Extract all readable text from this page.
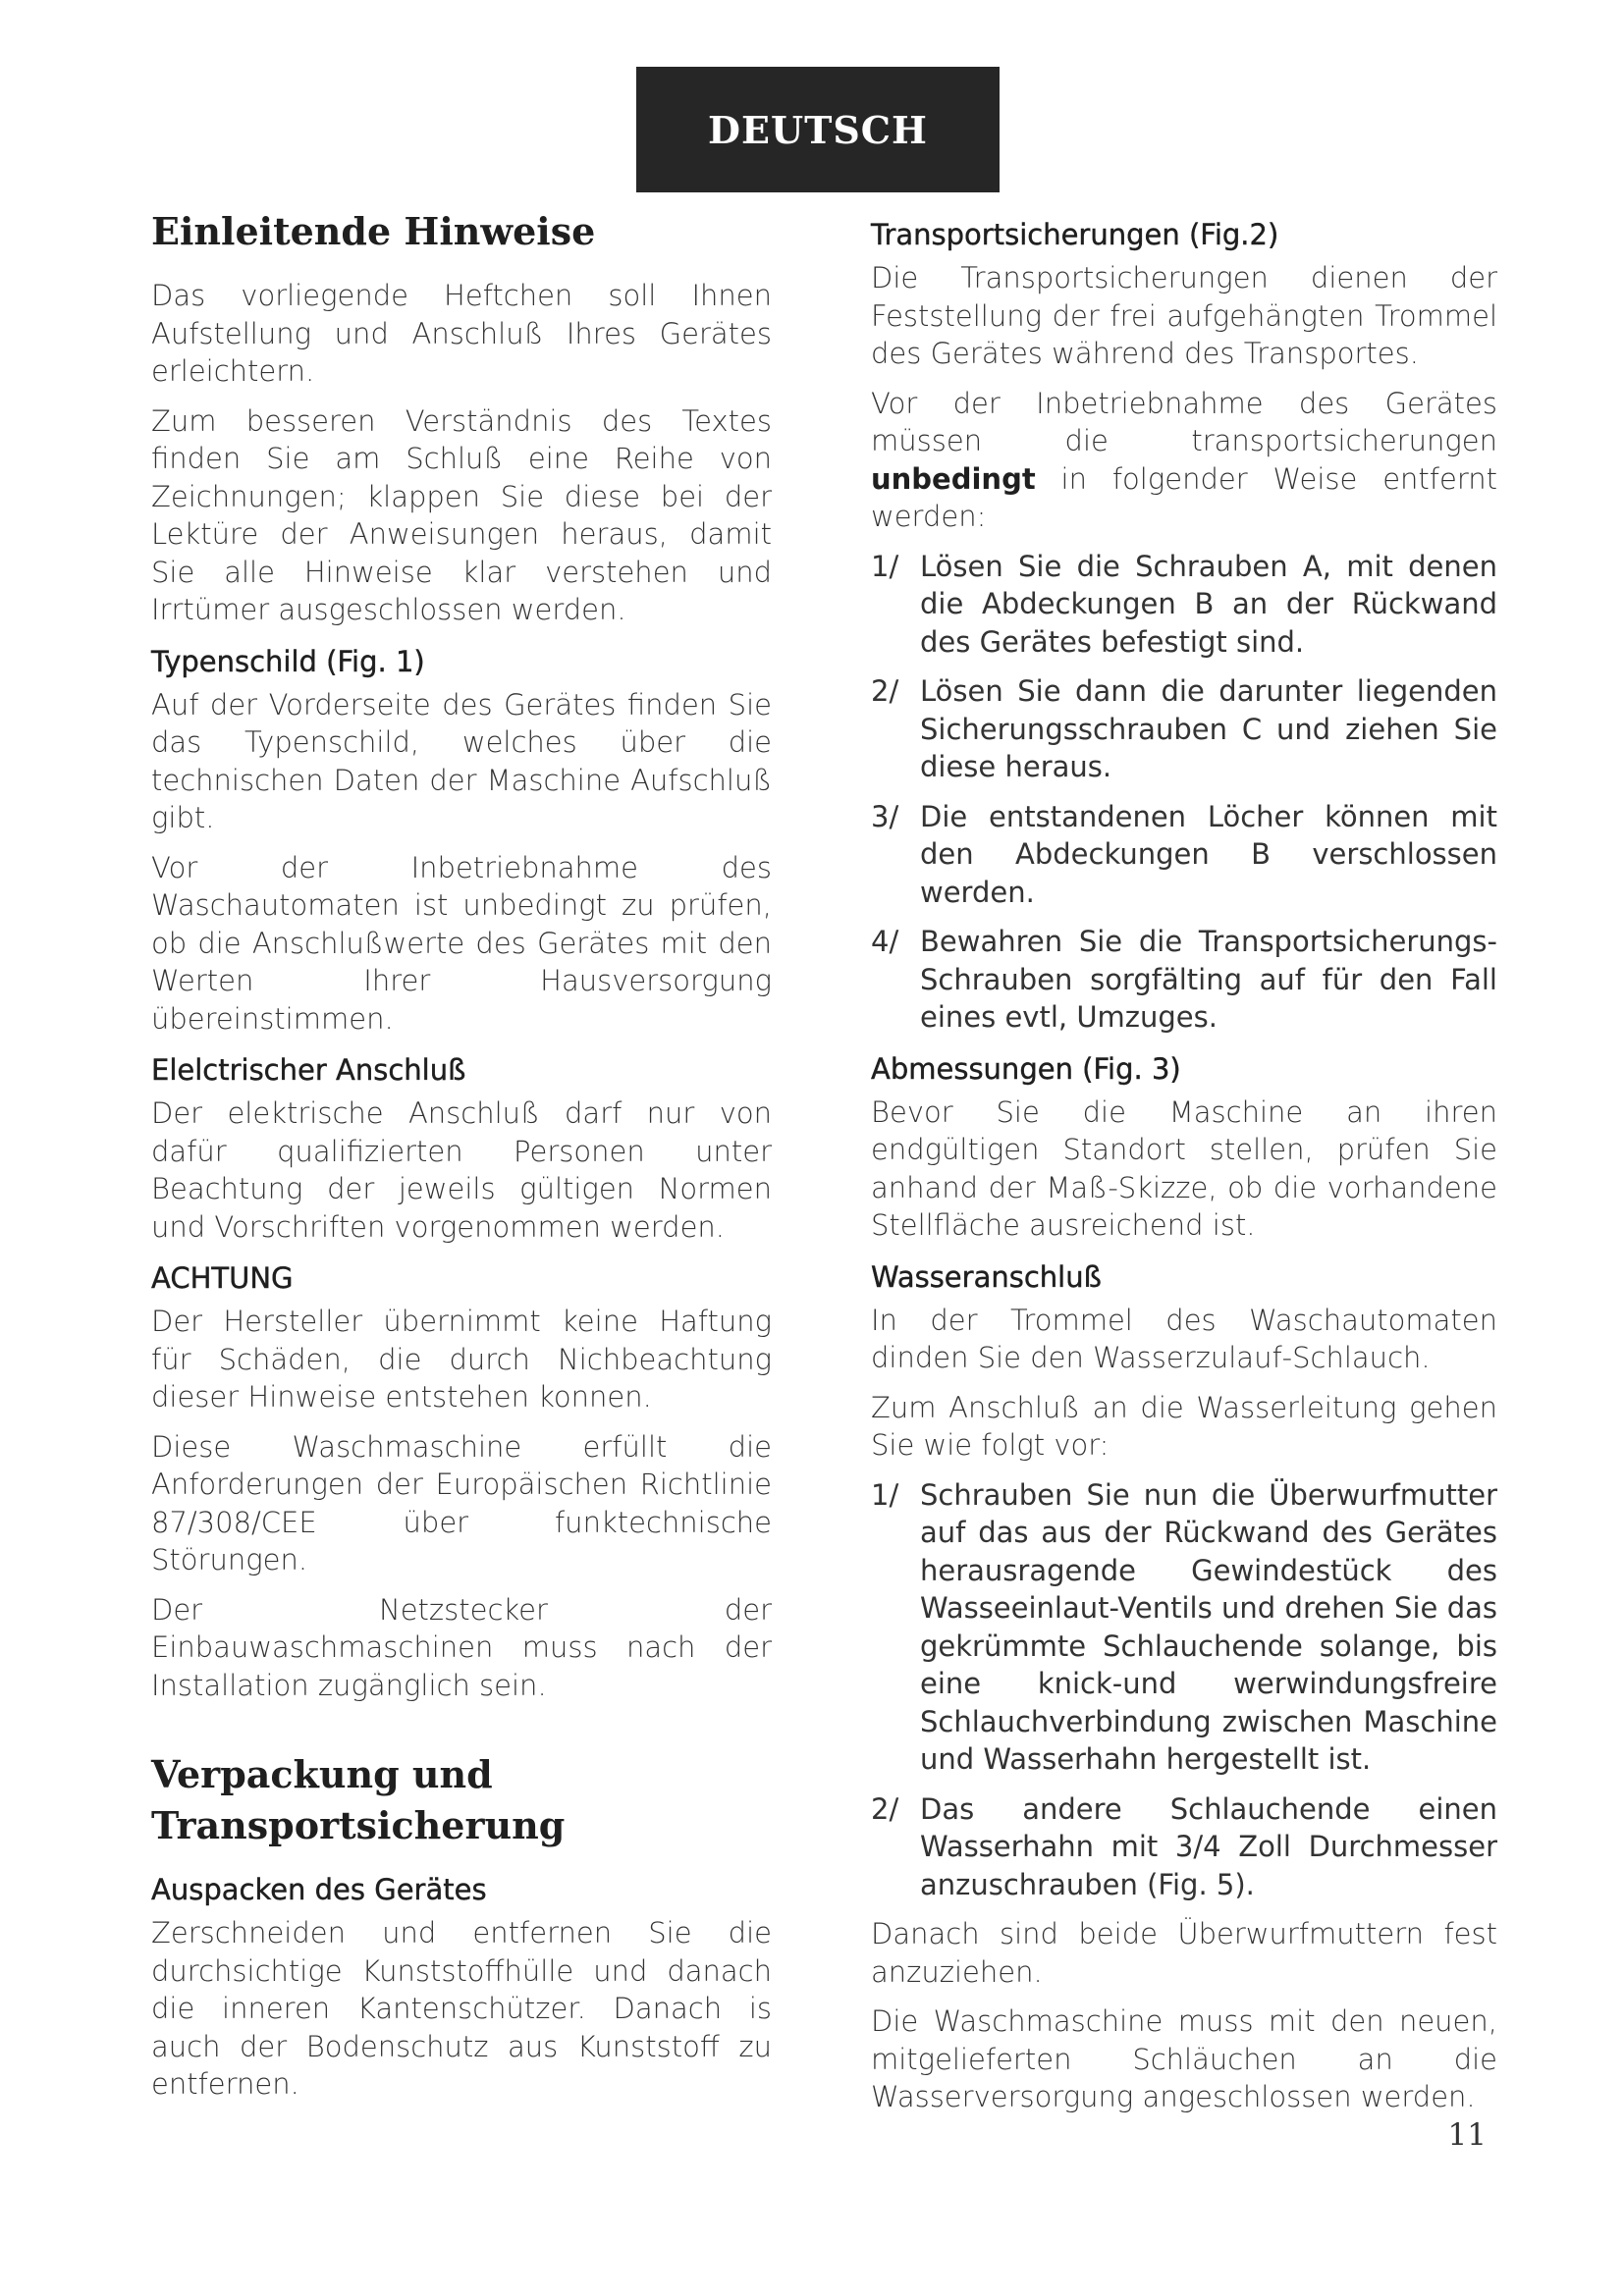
DEUTSCH
Einleitende Hinweise

Das vorliegende Heftchen soll Ihnen Aufstellung und Anschluß Ihres Gerätes erleichtern.

Zum besseren Verständnis des Textes finden Sie am Schluß eine Reihe von Zeichnungen; klappen Sie diese bei der Lektüre der Anweisungen heraus, damit Sie alle Hinweise klar verstehen und Irrtümer ausgeschlossen werden.

Typenschild (Fig. 1)

Auf der Vorderseite des Gerätes finden Sie das Typenschild, welches über die technischen Daten der Maschine Aufschluß gibt.

Vor der Inbetriebnahme des Waschautomaten ist unbedingt zu prüfen, ob die Anschlußwerte des Gerätes mit den Werten Ihrer Hausversorgung übereinstimmen.

Elelctrischer Anschluß

Der elektrische Anschluß darf nur von dafür qualifizierten Personen unter Beachtung der jeweils gültigen Normen und Vorschriften vorgenommen werden.

ACHTUNG

Der Hersteller übernimmt keine Haftung für Schäden, die durch Nichbeachtung dieser Hinweise entstehen konnen.

Diese Waschmaschine erfüllt die Anforderungen der Europäischen Richtlinie 87/308/CEE über funktechnische Störungen.

Der Netzstecker der Einbauwaschmaschinen muss nach der Installation zugänglich sein.

Verpackung und
Transportsicherung
Auspacken des Gerätes

Zerschneiden und entfernen Sie die durchsichtige Kunststoffhülle und danach die inneren Kantenschützer. Danach is auch der Bodenschutz aus Kunststoff zu entfernen.

Transportsicherungen (Fig.2)

Die Transportsicherungen dienen der Feststellung der frei aufgehängten Trommel des Gerätes während des Transportes.

Vor der Inbetriebnahme des Gerätes müssen die transportsicherungen unbedingt in folgender Weise entfernt werden:

1/ Lösen Sie die Schrauben A, mit denen die Abdeckungen B an der Rückwand des Gerätes befestigt sind.
2/ Lösen Sie dann die darunter liegenden Sicherungsschrauben C und ziehen Sie diese heraus.
3/ Die entstandenen Löcher können mit den Abdeckungen B verschlossen werden.
4/ Bewahren Sie die Transportsicherungs-Schrauben sorgfälting auf für den Fall eines evtl, Umzuges.
Abmessungen (Fig. 3)

Bevor Sie die Maschine an ihren endgültigen Standort stellen, prüfen Sie anhand der Maß-Skizze, ob die vorhandene Stellfläche ausreichend ist.

Wasseranschluß

In der Trommel des Waschautomaten dinden Sie den Wasserzulauf-Schlauch.

Zum Anschluß an die Wasserleitung gehen Sie wie folgt vor:

1/ Schrauben Sie nun die Überwurfmutter auf das aus der Rückwand des Gerätes herausragende Gewindestück des Wasseeinlaut-Ventils und drehen Sie das gekrümmte Schlauchende solange, bis eine knick-und werwindungsfreire Schlauchverbindung zwischen Maschine und Wasserhahn hergestellt ist.
2/ Das andere Schlauchende einen Wasserhahn mit 3/4 Zoll Durchmesser anzuschrauben (Fig. 5).

Danach sind beide Überwurfmuttern fest anzuziehen.

Die Waschmaschine muss mit den neuen, mitgelieferten Schläuchen an die Wasserversorgung angeschlossen werden.

11
